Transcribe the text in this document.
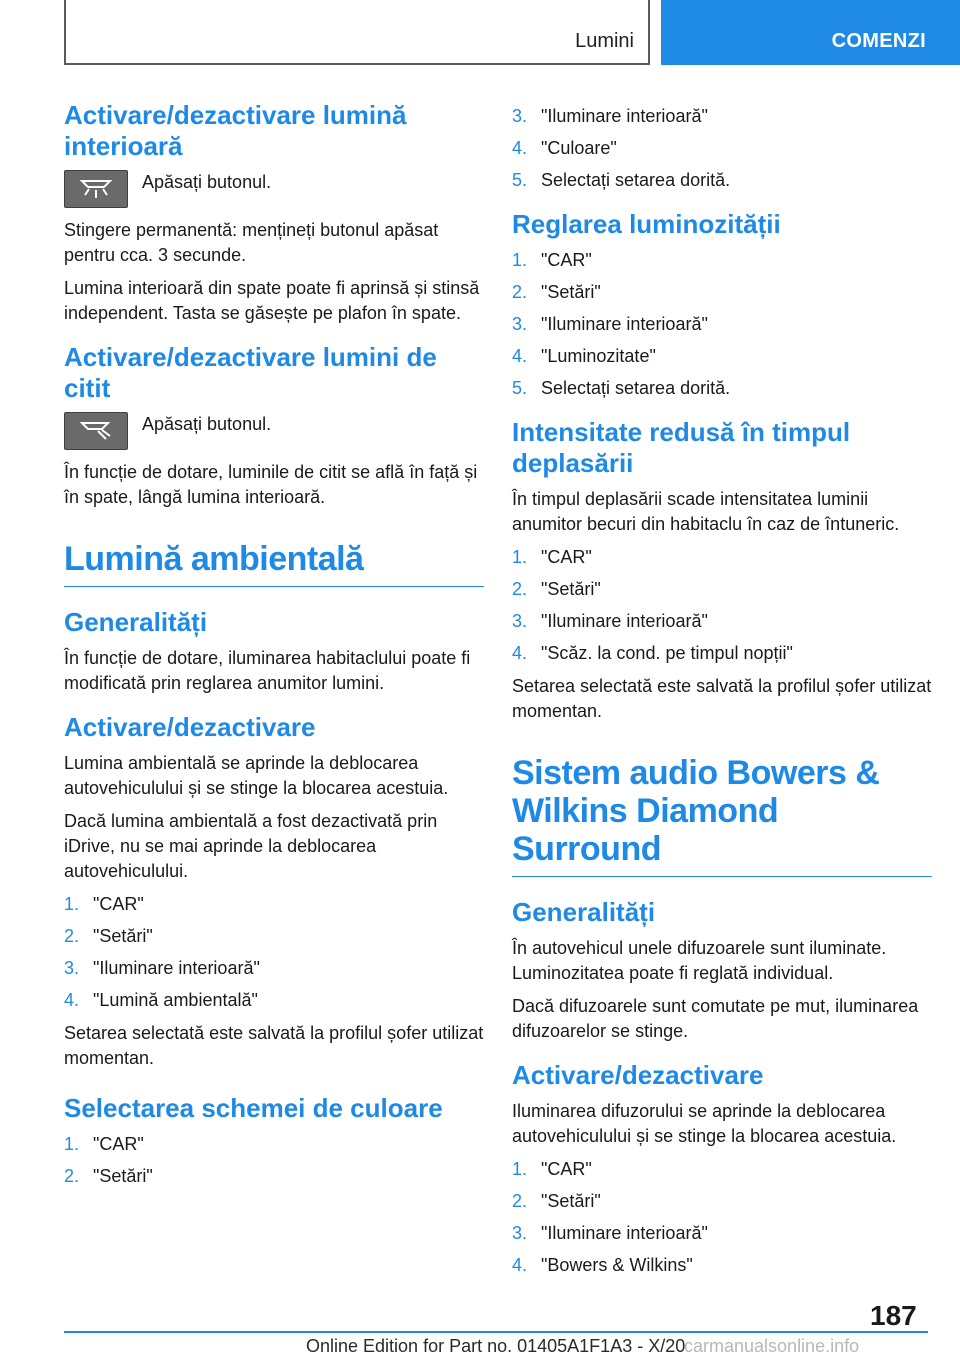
Lumini	COMENZI
Activare/dezactivare lumină interioară

Apăsați butonul.

Stingere permanentă: mențineți butonul apăsat pentru cca. 3 secunde.

Lumina interioară din spate poate fi aprinsă și stinsă independent. Tasta se găsește pe plafon în spate.

Activare/dezactivare lumini de citit

Apăsați butonul.

În funcție de dotare, luminile de citit se află în față și în spate, lângă lumina interioară.

Lumină ambientală
Generalități

În funcție de dotare, iluminarea habitaclului poate fi modificată prin reglarea anumitor lumini.

Activare/dezactivare

Lumina ambientală se aprinde la deblocarea autovehiculului și se stinge la blocarea acestuia.

Dacă lumina ambientală a fost dezactivată prin iDrive, nu se mai aprinde la deblocarea autovehiculului.

1. "CAR"
2. "Setări"
3. "Iluminare interioară"
4. "Lumină ambientală"

Setarea selectată este salvată la profilul șofer utilizat momentan.

Selectarea schemei de culoare
1. "CAR"
2. "Setări"
3. "Iluminare interioară"
4. "Culoare"
5. Selectați setarea dorită.
Reglarea luminozității
1. "CAR"
2. "Setări"
3. "Iluminare interioară"
4. "Luminozitate"
5. Selectați setarea dorită.
Intensitate redusă în timpul deplasării

În timpul deplasării scade intensitatea luminii anumitor becuri din habitaclu în caz de întuneric.

1. "CAR"
2. "Setări"
3. "Iluminare interioară"
4. "Scăz. la cond. pe timpul nopții"

Setarea selectată este salvată la profilul șofer utilizat momentan.

Sistem audio Bowers & Wilkins Diamond Surround
Generalități

În autovehicul unele difuzoarele sunt iluminate. Luminozitatea poate fi reglată individual.

Dacă difuzoarele sunt comutate pe mut, iluminarea difuzoarelor se stinge.

Activare/dezactivare

Iluminarea difuzorului se aprinde la deblocarea autovehiculului și se stinge la blocarea acestuia.

1. "CAR"
2. "Setări"
3. "Iluminare interioară"
4. "Bowers & Wilkins"
187
Online Edition for Part no. 01405A1F1A3 - X/20
carmanualsonline.info
